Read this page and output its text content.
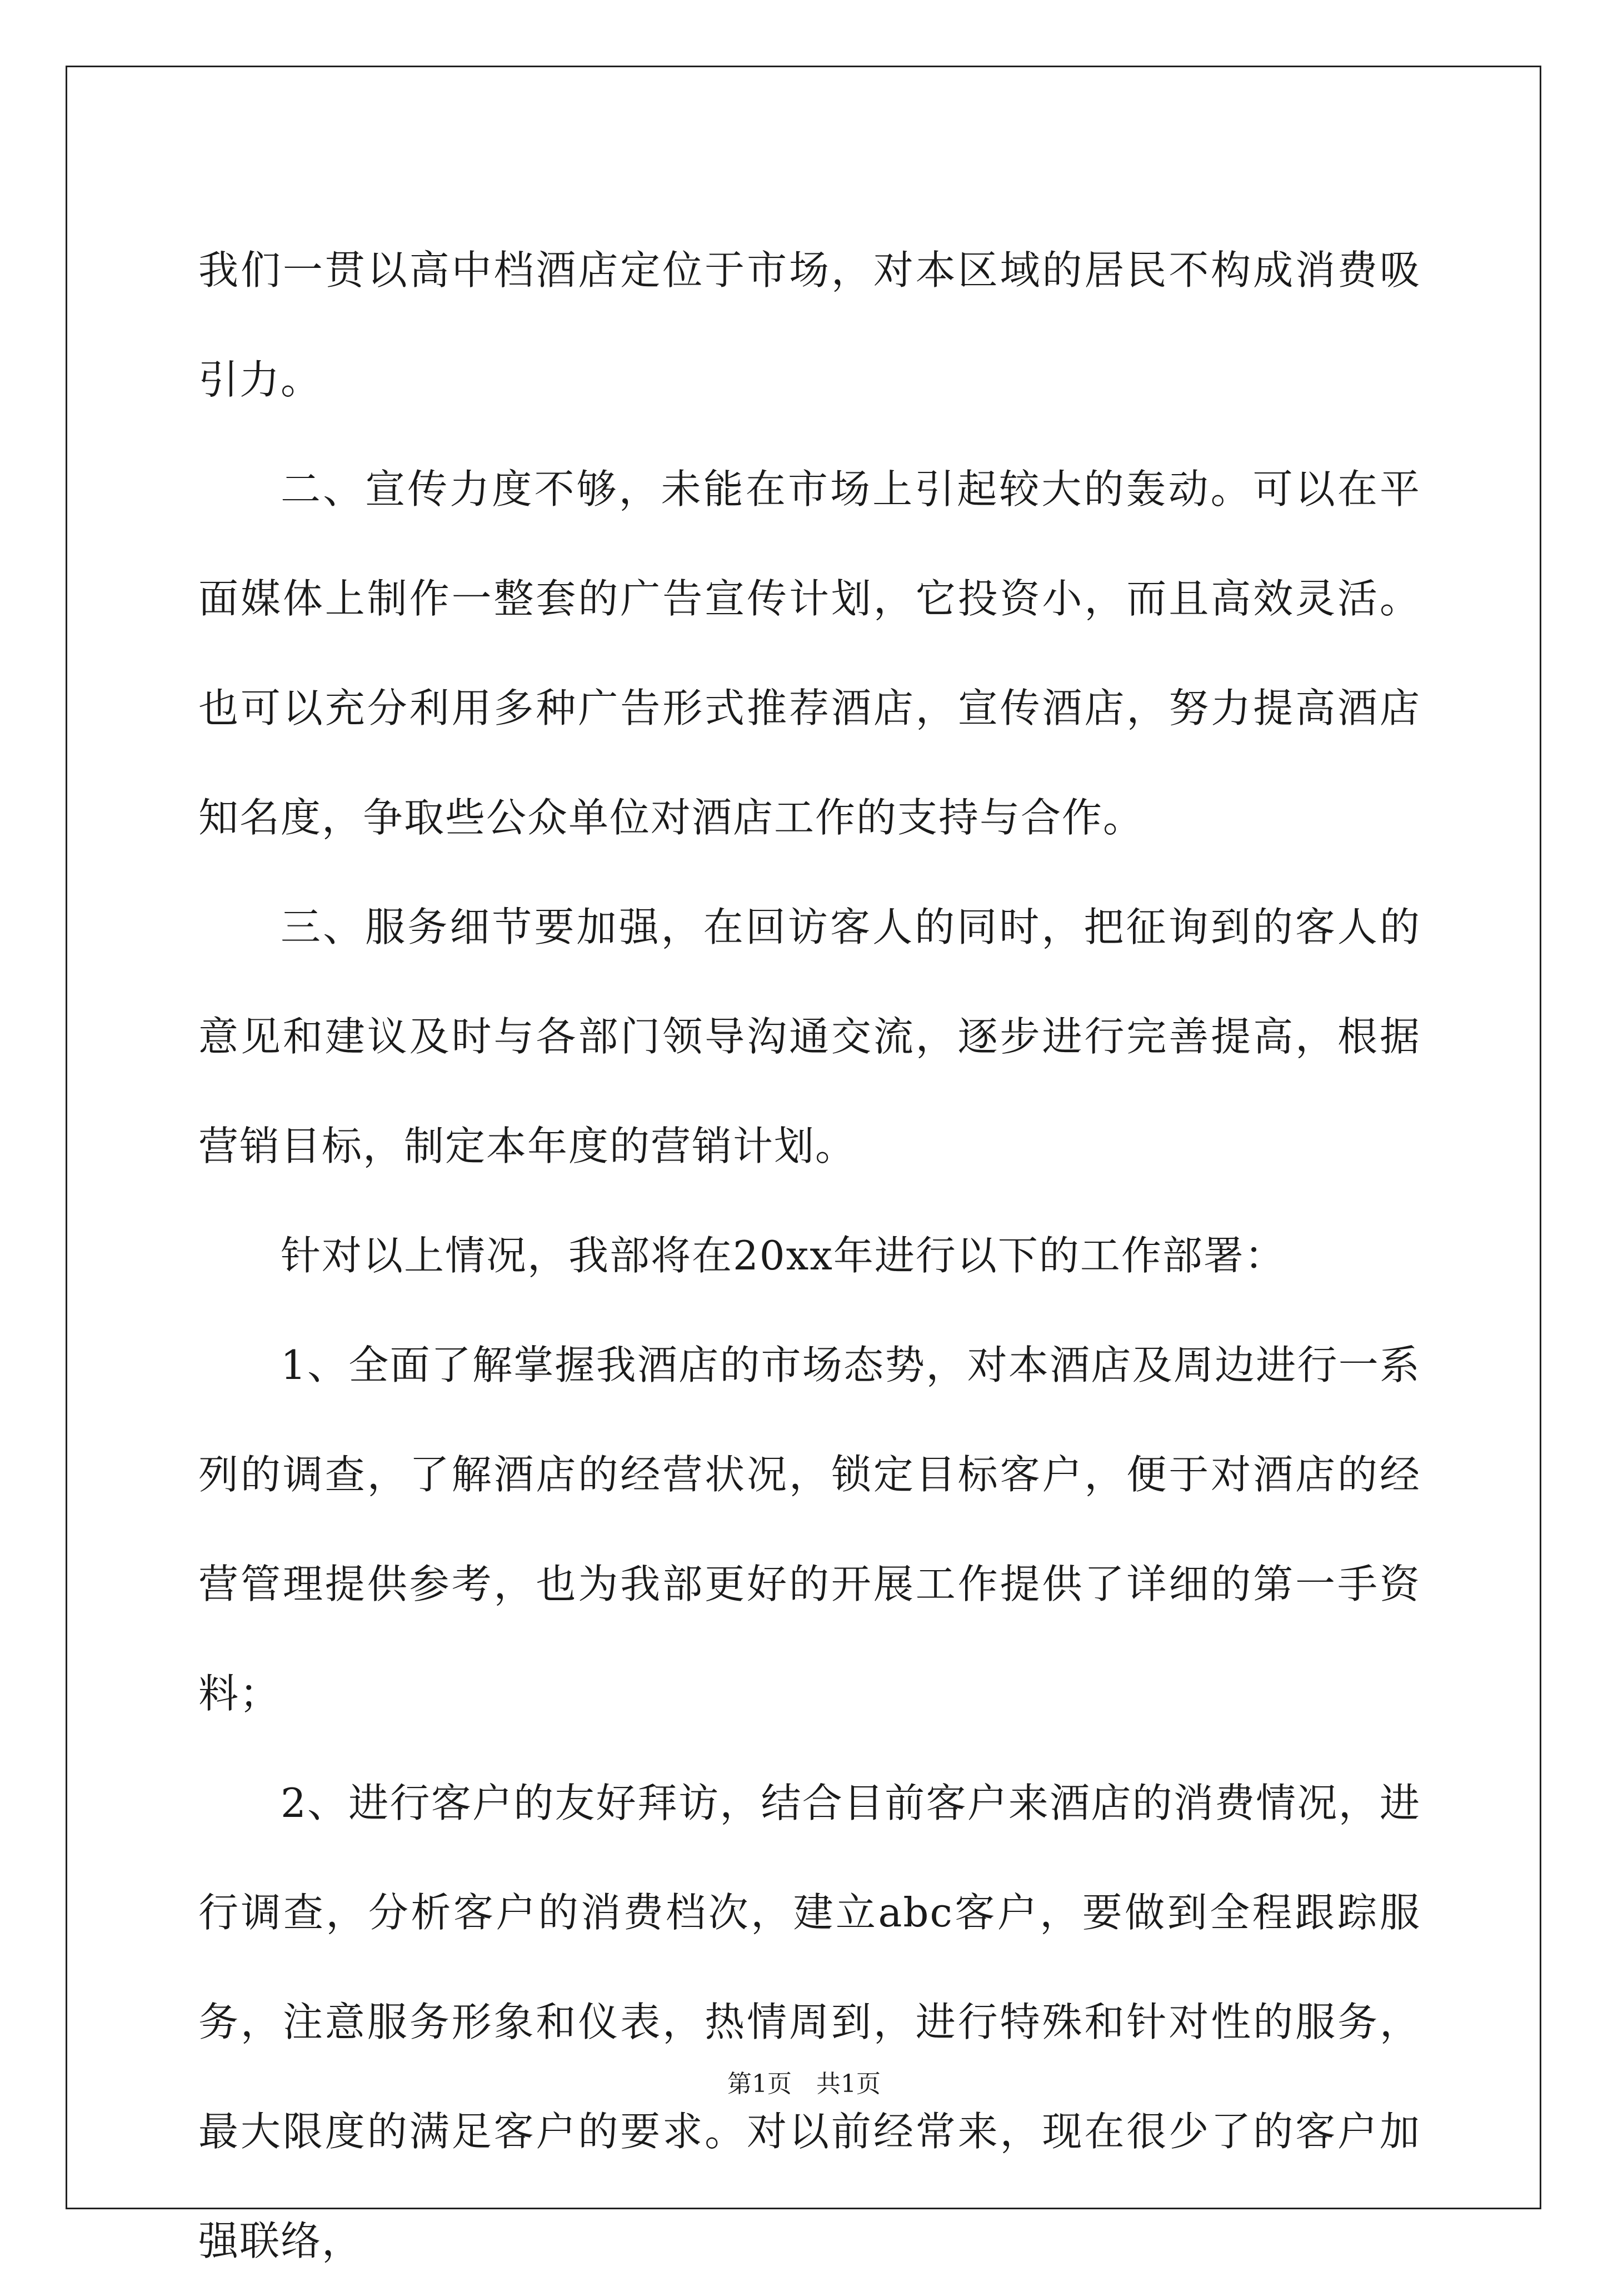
我们一贯以高中档酒店定位于市场，对本区域的居民不构成消费吸引力。

二、宣传力度不够，未能在市场上引起较大的轰动。可以在平面媒体上制作一整套的广告宣传计划，它投资小，而且高效灵活。也可以充分利用多种广告形式推荐酒店，宣传酒店，努力提高酒店知名度，争取些公众单位对酒店工作的支持与合作。

三、服务细节要加强，在回访客人的同时，把征询到的客人的意见和建议及时与各部门领导沟通交流，逐步进行完善提高，根据营销目标，制定本年度的营销计划。

针对以上情况，我部将在20xx年进行以下的工作部署：

1、全面了解掌握我酒店的市场态势，对本酒店及周边进行一系列的调查，了解酒店的经营状况，锁定目标客户，便于对酒店的经营管理提供参考，也为我部更好的开展工作提供了详细的第一手资料；

2、进行客户的友好拜访，结合目前客户来酒店的消费情况，进行调查，分析客户的消费档次，建立abc客户，要做到全程跟踪服务，注意服务形象和仪表，热情周到，进行特殊和针对性的服务，最大限度的满足客户的要求。对以前经常来，现在很少了的客户加强联络，

第1页　共1页
